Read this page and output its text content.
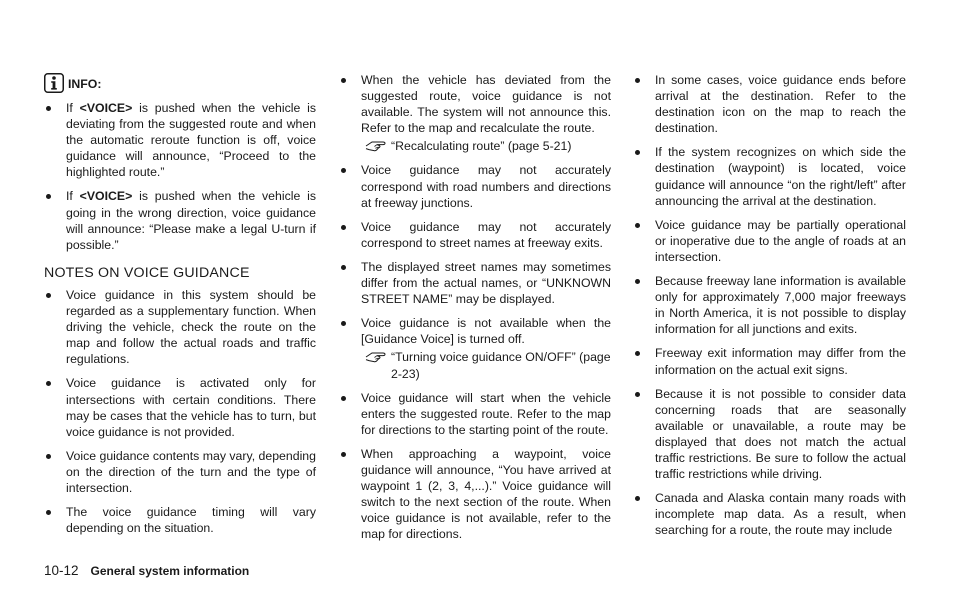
INFO:
If <VOICE> is pushed when the vehicle is deviating from the suggested route and when the automatic reroute function is off, voice guidance will announce, “Proceed to the highlighted route.”
If <VOICE> is pushed when the vehicle is going in the wrong direction, voice guidance will announce: “Please make a legal U-turn if possible.”
NOTES ON VOICE GUIDANCE
Voice guidance in this system should be regarded as a supplementary function. When driving the vehicle, check the route on the map and follow the actual roads and traffic regulations.
Voice guidance is activated only for intersections with certain conditions. There may be cases that the vehicle has to turn, but voice guidance is not provided.
Voice guidance contents may vary, depending on the direction of the turn and the type of intersection.
The voice guidance timing will vary depending on the situation.
When the vehicle has deviated from the suggested route, voice guidance is not available. The system will not announce this. Refer to the map and recalculate the route.
“Recalculating route” (page 5-21)
Voice guidance may not accurately correspond with road numbers and directions at freeway junctions.
Voice guidance may not accurately correspond to street names at freeway exits.
The displayed street names may sometimes differ from the actual names, or “UNKNOWN STREET NAME” may be displayed.
Voice guidance is not available when the [Guidance Voice] is turned off.
“Turning voice guidance ON/OFF” (page 2-23)
Voice guidance will start when the vehicle enters the suggested route. Refer to the map for directions to the starting point of the route.
When approaching a waypoint, voice guidance will announce, “You have arrived at waypoint 1 (2, 3, 4,...).” Voice guidance will switch to the next section of the route. When voice guidance is not available, refer to the map for directions.
In some cases, voice guidance ends before arrival at the destination. Refer to the destination icon on the map to reach the destination.
If the system recognizes on which side the destination (waypoint) is located, voice guidance will announce “on the right/left” after announcing the arrival at the destination.
Voice guidance may be partially operational or inoperative due to the angle of roads at an intersection.
Because freeway lane information is available only for approximately 7,000 major freeways in North America, it is not possible to display information for all junctions and exits.
Freeway exit information may differ from the information on the actual exit signs.
Because it is not possible to consider data concerning roads that are seasonally available or unavailable, a route may be displayed that does not match the actual traffic restrictions. Be sure to follow the actual traffic restrictions while driving.
Canada and Alaska contain many roads with incomplete map data. As a result, when searching for a route, the route may include
10-12 General system information
